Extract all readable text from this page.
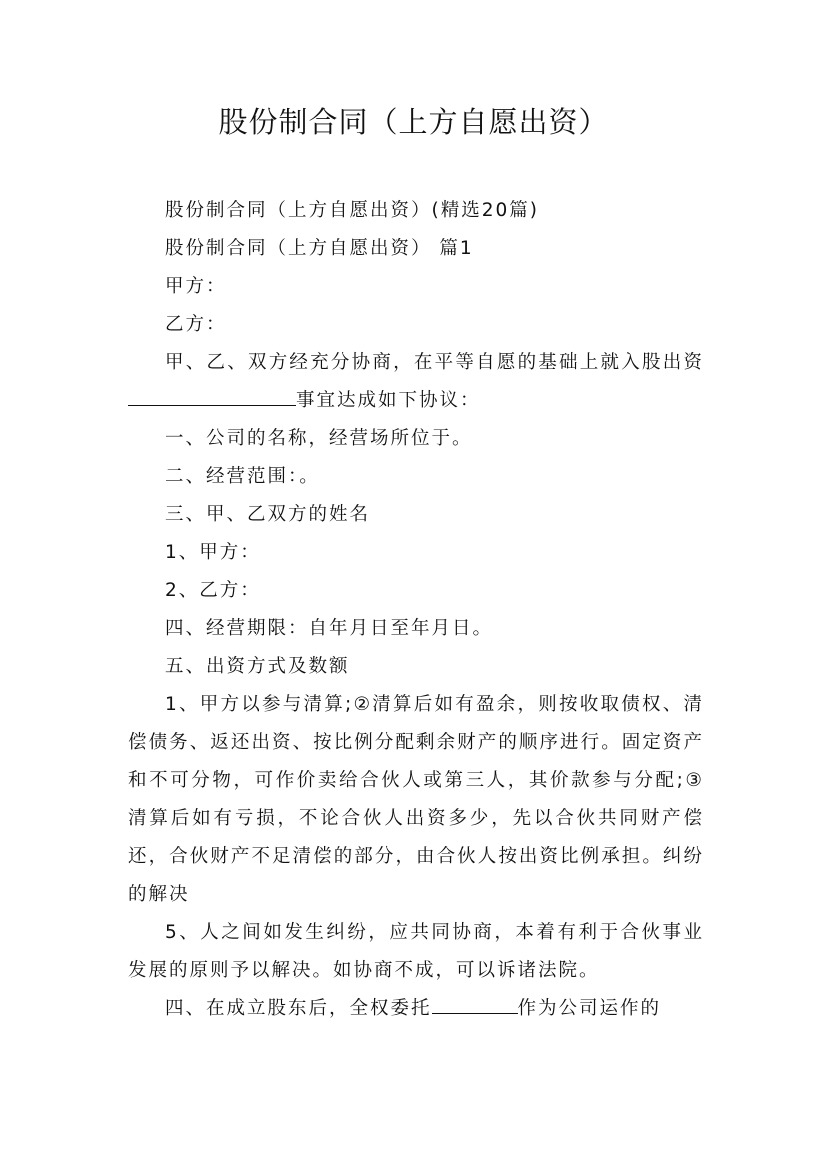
股份制合同（上方自愿出资）

股份制合同（上方自愿出资）(精选20篇)

股份制合同（上方自愿出资） 篇1

甲方：

乙方：

甲、乙、双方经充分协商，在平等自愿的基础上就入股出资事宜达成如下协议：

一、公司的名称，经营场所位于。

二、经营范围：。

三、甲、乙双方的姓名

1、甲方：

2、乙方：

四、经营期限：自年月日至年月日。

五、出资方式及数额

1、甲方以参与清算;②清算后如有盈余，则按收取债权、清偿债务、返还出资、按比例分配剩余财产的顺序进行。固定资产和不可分物，可作价卖给合伙人或第三人，其价款参与分配;③清算后如有亏损，不论合伙人出资多少，先以合伙共同财产偿还，合伙财产不足清偿的部分，由合伙人按出资比例承担。纠纷的解决

5、人之间如发生纠纷，应共同协商，本着有利于合伙事业发展的原则予以解决。如协商不成，可以诉诸法院。

四、在成立股东后，全权委托	作为公司运作的
